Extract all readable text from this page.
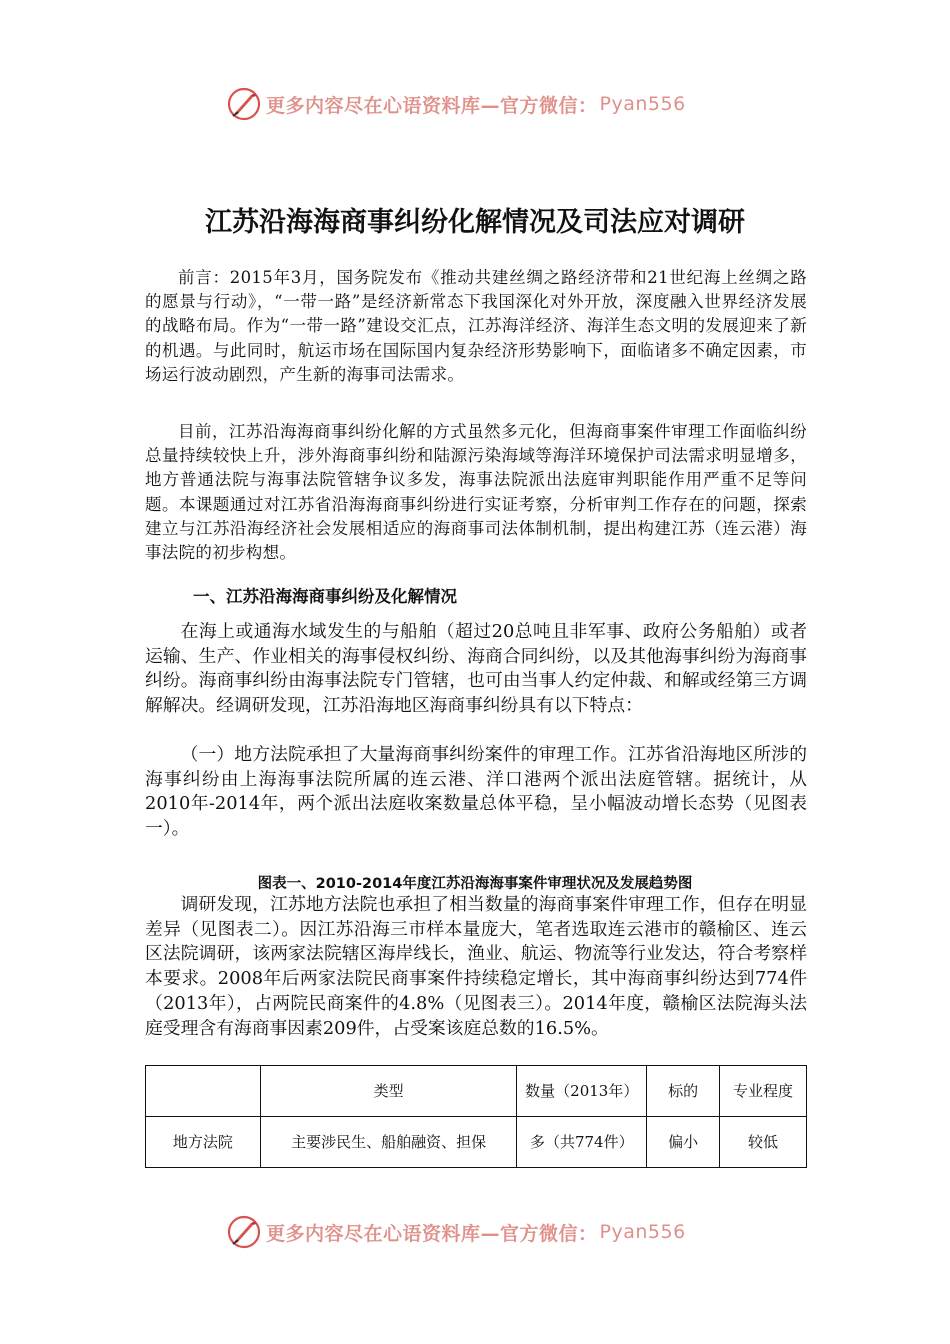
更多内容尽在心语资料库—官方微信： Pyan556
江苏沿海海商事纠纷化解情况及司法应对调研

前言：2015年3月，国务院发布《推动共建丝绸之路经济带和21世纪海上丝绸之路的愿景与行动》，“一带一路”是经济新常态下我国深化对外开放，深度融入世界经济发展的战略布局。作为“一带一路”建设交汇点，江苏海洋经济、海洋生态文明的发展迎来了新的机遇。与此同时，航运市场在国际国内复杂经济形势影响下，面临诸多不确定因素，市场运行波动剧烈，产生新的海事司法需求。

目前，江苏沿海海商事纠纷化解的方式虽然多元化，但海商事案件审理工作面临纠纷总量持续较快上升，涉外海商事纠纷和陆源污染海域等海洋环境保护司法需求明显增多，地方普通法院与海事法院管辖争议多发，海事法院派出法庭审判职能作用严重不足等问题。本课题通过对江苏省沿海海商事纠纷进行实证考察，分析审判工作存在的问题，探索建立与江苏沿海经济社会发展相适应的海商事司法体制机制，提出构建江苏（连云港）海事法院的初步构想。

一、江苏沿海海商事纠纷及化解情况

在海上或通海水域发生的与船舶（超过20总吨且非军事、政府公务船舶）或者运输、生产、作业相关的海事侵权纠纷、海商合同纠纷，以及其他海事纠纷为海商事纠纷。海商事纠纷由海事法院专门管辖，也可由当事人约定仲裁、和解或经第三方调解解决。经调研发现，江苏沿海地区海商事纠纷具有以下特点：

（一）地方法院承担了大量海商事纠纷案件的审理工作。江苏省沿海地区所涉的海事纠纷由上海海事法院所属的连云港、洋口港两个派出法庭管辖。据统计，从2010年-2014年，两个派出法庭收案数量总体平稳，呈小幅波动增长态势（见图表一）。

图表一、2010-2014年度江苏沿海海事案件审理状况及发展趋势图

调研发现，江苏地方法院也承担了相当数量的海商事案件审理工作，但存在明显差异（见图表二）。因江苏沿海三市样本量庞大，笔者选取连云港市的赣榆区、连云区法院调研，该两家法院辖区海岸线长，渔业、航运、物流等行业发达，符合考察样本要求。2008年后两家法院民商事案件持续稳定增长，其中海商事纠纷达到774件（2013年），占两院民商案件的4.8%（见图表三）。2014年度，赣榆区法院海头法庭受理含有海商事因素209件，占受案该庭总数的16.5%。

	类型	数量（2013年）	标的	专业程度
地方法院	主要涉民生、船舶融资、担保	多（共774件）	偏小	较低
更多内容尽在心语资料库—官方微信： Pyan556
